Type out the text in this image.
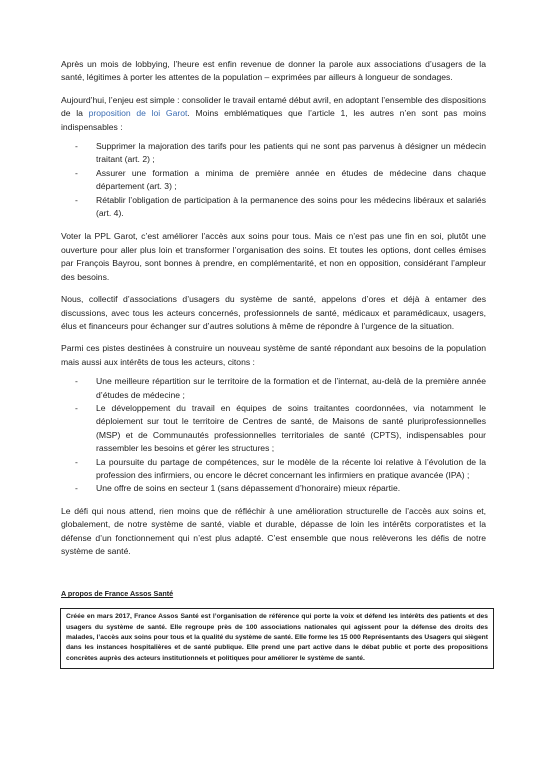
Après un mois de lobbying, l’heure est enfin revenue de donner la parole aux associations d’usagers de la santé, légitimes à porter les attentes de la population – exprimées par ailleurs à longueur de sondages.

Aujourd’hui, l’enjeu est simple : consolider le travail entamé début avril, en adoptant l’ensemble des dispositions de la proposition de loi Garot. Moins emblématiques que l’article 1, les autres n’en sont pas moins indispensables :

- Supprimer la majoration des tarifs pour les patients qui ne sont pas parvenus à désigner un médecin traitant (art. 2) ;
- Assurer une formation a minima de première année en études de médecine dans chaque département (art. 3) ;
- Rétablir l’obligation de participation à la permanence des soins pour les médecins libéraux et salariés (art. 4).

Voter la PPL Garot, c’est améliorer l’accès aux soins pour tous. Mais ce n’est pas une fin en soi, plutôt une ouverture pour aller plus loin et transformer l’organisation des soins. Et toutes les options, dont celles émises par François Bayrou, sont bonnes à prendre, en complémentarité, et non en opposition, considérant l’ampleur des besoins.

Nous, collectif d’associations d’usagers du système de santé, appelons d’ores et déjà à entamer des discussions, avec tous les acteurs concernés, professionnels de santé, médicaux et paramédicaux, usagers, élus et financeurs pour échanger sur d’autres solutions à même de répondre à l’urgence de la situation.

Parmi ces pistes destinées à construire un nouveau système de santé répondant aux besoins de la population mais aussi aux intérêts de tous les acteurs, citons :

- Une meilleure répartition sur le territoire de la formation et de l’internat, au-delà de la première année d’études de médecine ;
- Le développement du travail en équipes de soins traitantes coordonnées, via notamment le déploiement sur tout le territoire de Centres de santé, de Maisons de santé pluriprofessionnelles (MSP) et de Communautés professionnelles territoriales de santé (CPTS), indispensables pour rassembler les besoins et gérer les structures ;
- La poursuite du partage de compétences, sur le modèle de la récente loi relative à l’évolution de la profession des infirmiers, ou encore le décret concernant les infirmiers en pratique avancée (IPA) ;
- Une offre de soins en secteur 1 (sans dépassement d’honoraire) mieux répartie.

Le défi qui nous attend, rien moins que de réfléchir à une amélioration structurelle de l’accès aux soins et, globalement, de notre système de santé, viable et durable, dépasse de loin les intérêts corporatistes et la défense d’un fonctionnement qui n’est plus adapté. C’est ensemble que nous relèverons les défis de notre système de santé.

A propos de France Assos Santé

Créée en mars 2017, France Assos Santé est l’organisation de référence qui porte la voix et défend les intérêts des patients et des usagers du système de santé. Elle regroupe près de 100 associations nationales qui agissent pour la défense des droits des malades, l’accès aux soins pour tous et la qualité du système de santé. Elle forme les 15 000 Représentants des Usagers qui siègent dans les instances hospitalières et de santé publique. Elle prend une part active dans le débat public et porte des propositions concrètes auprès des acteurs institutionnels et politiques pour améliorer le système de santé.
